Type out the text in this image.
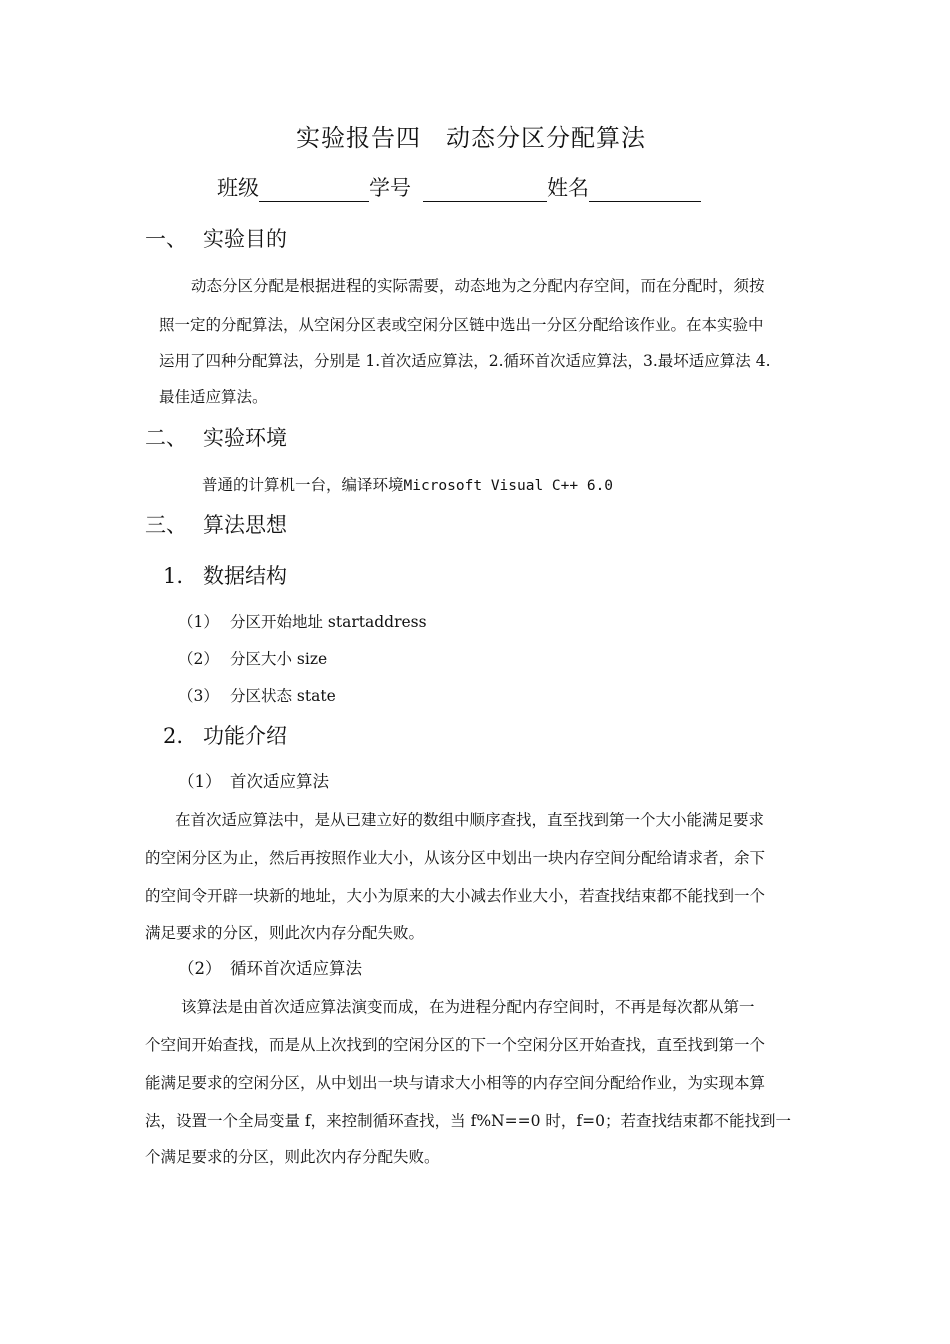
实验报告四　动态分区分配算法
班级	学号	姓名
一、 实验目的
动态分区分配是根据进程的实际需要，动态地为之分配内存空间，而在分配时，须按
照一定的分配算法，从空闲分区表或空闲分区链中选出一分区分配给该作业。在本实验中
运用了四种分配算法，分别是 1.首次适应算法，2.循环首次适应算法，3.最坏适应算法 4.
最佳适应算法。
二、 实验环境
普通的计算机一台，编译环境Microsoft Visual C++ 6.0
三、 算法思想
1. 数据结构
（1） 分区开始地址 startaddress
（2） 分区大小 size
（3） 分区状态 state
2. 功能介绍
（1） 首次适应算法
在首次适应算法中，是从已建立好的数组中顺序查找，直至找到第一个大小能满足要求
的空闲分区为止，然后再按照作业大小，从该分区中划出一块内存空间分配给请求者，余下
的空间令开辟一块新的地址，大小为原来的大小减去作业大小，若查找结束都不能找到一个
满足要求的分区，则此次内存分配失败。
（2） 循环首次适应算法
该算法是由首次适应算法演变而成，在为进程分配内存空间时，不再是每次都从第一
个空间开始查找，而是从上次找到的空闲分区的下一个空闲分区开始查找，直至找到第一个
能满足要求的空闲分区，从中划出一块与请求大小相等的内存空间分配给作业，为实现本算
法，设置一个全局变量 f，来控制循环查找，当 f%N==0 时，f=0；若查找结束都不能找到一
个满足要求的分区，则此次内存分配失败。
